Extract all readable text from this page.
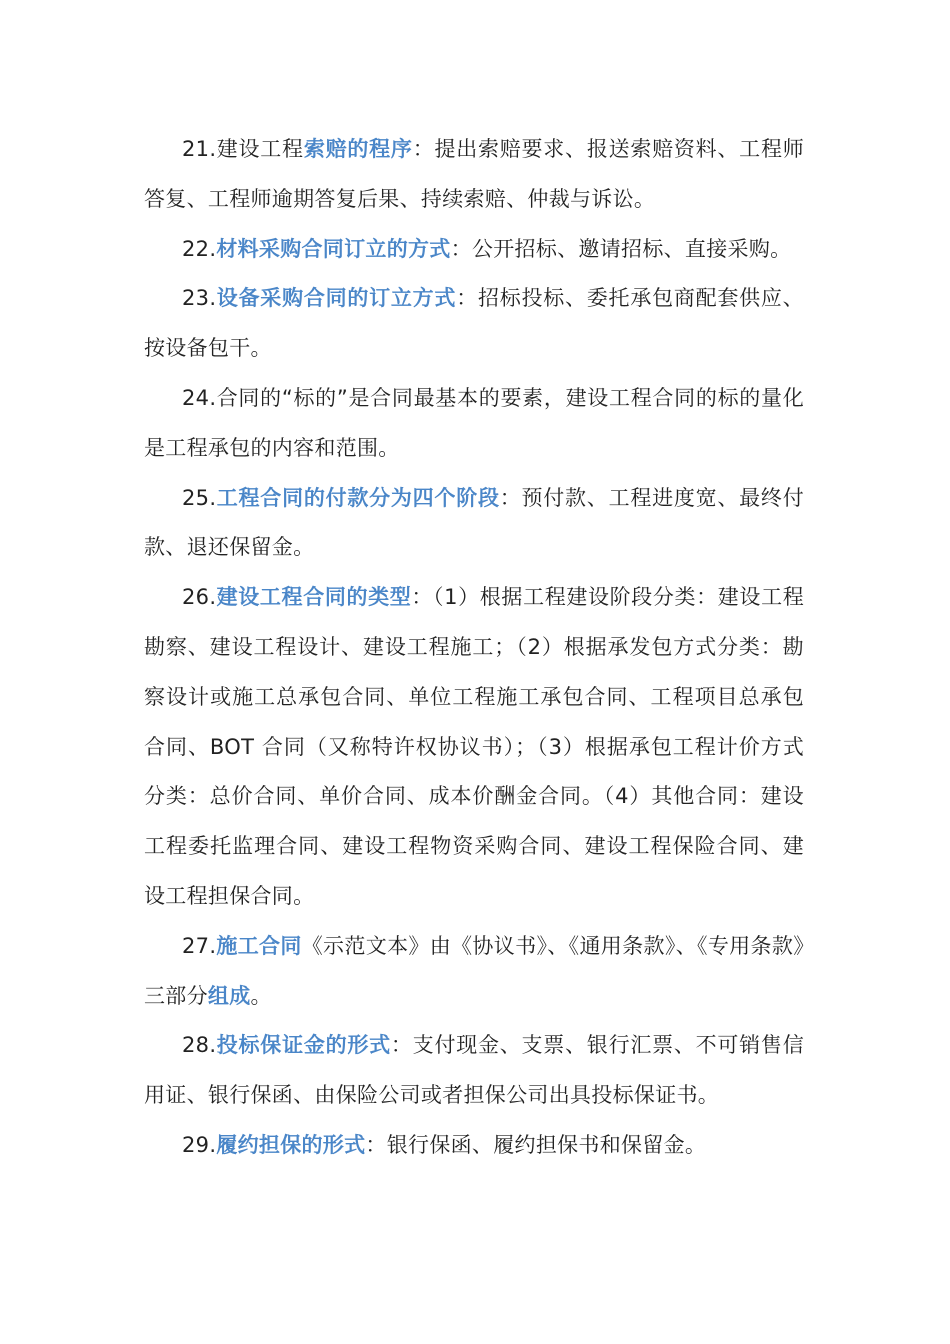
21.建设工程索赔的程序：提出索赔要求、报送索赔资料、工程师答复、工程师逾期答复后果、持续索赔、仲裁与诉讼。

22.材料采购合同订立的方式：公开招标、邀请招标、直接采购。

23.设备采购合同的订立方式：招标投标、委托承包商配套供应、按设备包干。

24.合同的“标的”是合同最基本的要素，建设工程合同的标的量化是工程承包的内容和范围。

25.工程合同的付款分为四个阶段：预付款、工程进度宽、最终付款、退还保留金。

26.建设工程合同的类型：（1）根据工程建设阶段分类：建设工程勘察、建设工程设计、建设工程施工；（2）根据承发包方式分类：勘察设计或施工总承包合同、单位工程施工承包合同、工程项目总承包合同、BOT 合同（又称特许权协议书）；（3）根据承包工程计价方式分类：总价合同、单价合同、成本价酬金合同。（4）其他合同：建设工程委托监理合同、建设工程物资采购合同、建设工程保险合同、建设工程担保合同。

27.施工合同《示范文本》由《协议书》、《通用条款》、《专用条款》三部分组成。

28.投标保证金的形式：支付现金、支票、银行汇票、不可销售信用证、银行保函、由保险公司或者担保公司出具投标保证书。

29.履约担保的形式：银行保函、履约担保书和保留金。
